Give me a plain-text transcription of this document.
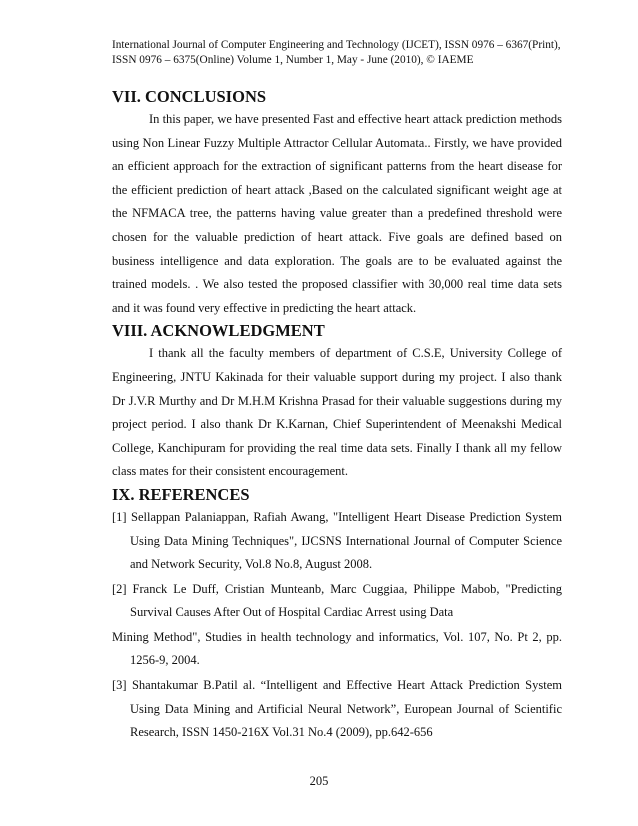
International Journal of Computer Engineering and Technology (IJCET), ISSN 0976 – 6367(Print),
ISSN 0976 – 6375(Online) Volume 1, Number 1, May - June (2010), © IAEME
VII. CONCLUSIONS

In this paper, we have presented Fast and effective heart attack prediction methods using Non Linear Fuzzy Multiple Attractor Cellular Automata.. Firstly, we have provided an efficient approach for the extraction of significant patterns from the heart disease for the efficient prediction of heart attack ,Based on the calculated significant weight age at the NFMACA tree, the patterns having value greater than a predefined threshold were chosen for the valuable prediction of heart attack. Five goals are defined based on business intelligence and data exploration. The goals are to be evaluated against the trained models. . We also tested the proposed classifier with 30,000 real time data sets and it was found very effective in predicting the heart attack.

VIII. ACKNOWLEDGMENT

I thank all the faculty members of department of C.S.E, University College of Engineering, JNTU Kakinada for their valuable support during my project. I also thank Dr J.V.R Murthy and Dr M.H.M Krishna Prasad for their valuable suggestions during my project period. I also thank Dr K.Karnan, Chief Superintendent of Meenakshi Medical College, Kanchipuram for providing the real time data sets. Finally I thank all my fellow class mates for their consistent encouragement.

IX. REFERENCES
[1] Sellappan Palaniappan, Rafiah Awang, "Intelligent Heart Disease Prediction System Using Data Mining Techniques", IJCSNS International Journal of Computer Science and Network Security, Vol.8 No.8, August 2008.
[2] Franck Le Duff, Cristian Munteanb, Marc Cuggiaa, Philippe Mabob, "Predicting Survival Causes After Out of Hospital Cardiac Arrest using Data
Mining Method", Studies in health technology and informatics, Vol. 107, No. Pt 2, pp. 1256-9, 2004.
[3] Shantakumar B.Patil al. “Intelligent and Effective Heart Attack Prediction System Using Data Mining and Artificial Neural Network”, European Journal of Scientific Research, ISSN 1450-216X Vol.31 No.4 (2009), pp.642-656
205
